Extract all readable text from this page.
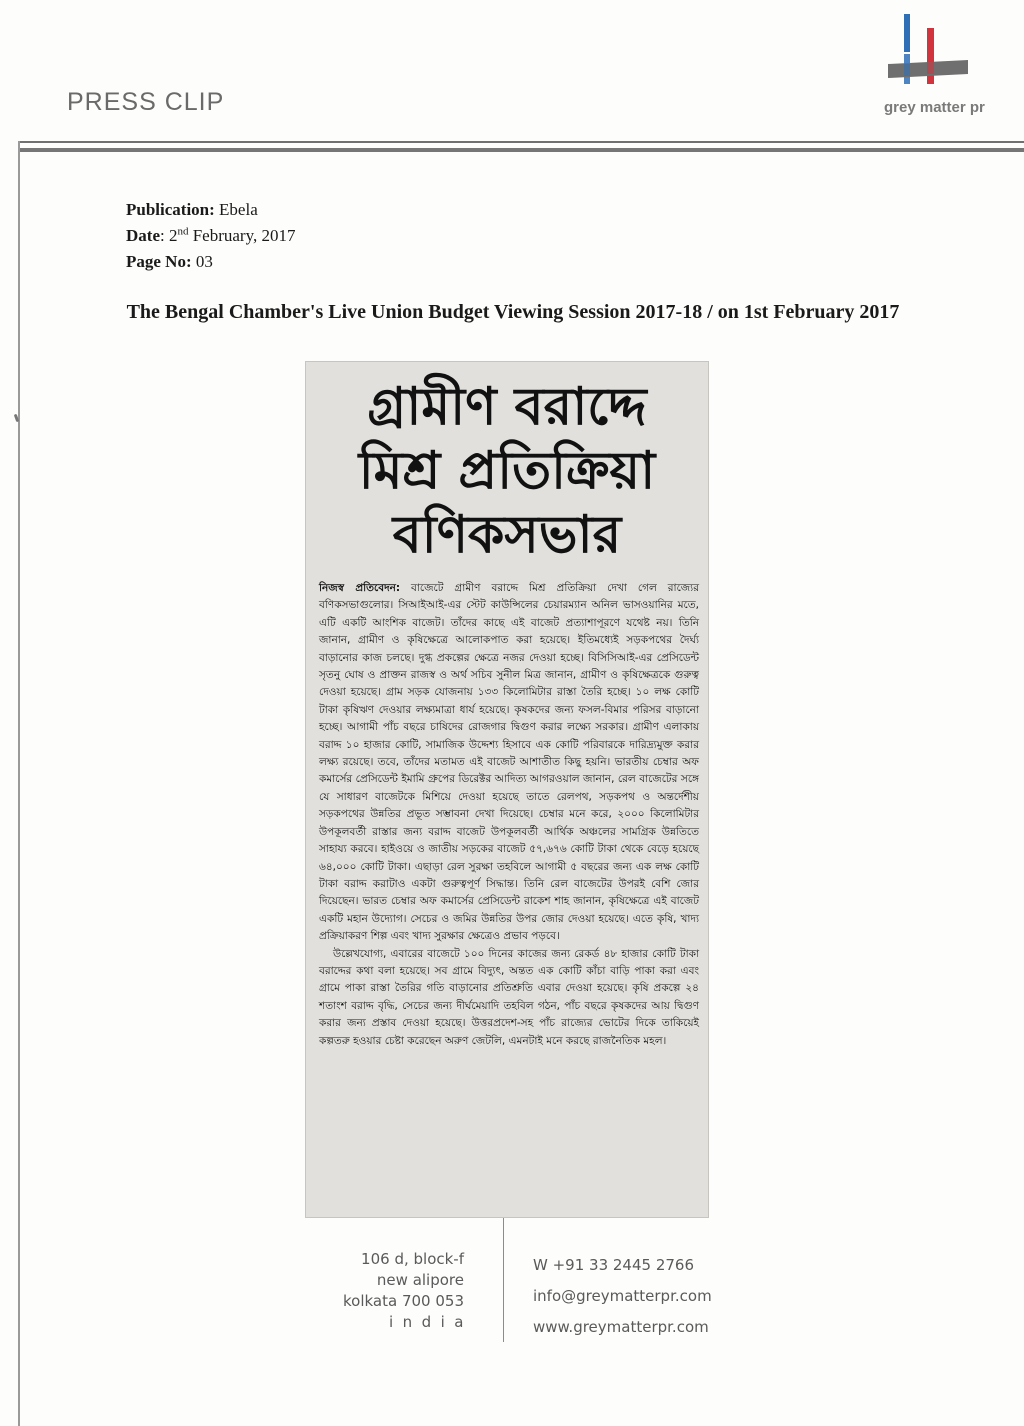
PRESS CLIP	grey matter pr
Publication: Ebela
Date: 2nd February, 2017
Page No: 03
The Bengal Chamber's Live Union Budget Viewing Session 2017-18 / on 1st February 2017
গ্রামীণ বরাদ্দে
মিশ্র প্রতিক্রিয়া
বণিকসভার

নিজস্ব প্রতিবেদন: বাজেটে গ্রামীণ বরাদ্দে মিশ্র প্রতিক্রিয়া দেখা গেল রাজ্যের বণিকসভাগুলোর। সিআইআই-এর স্টেট কাউন্সিলের চেয়ারম্যান অনিল ভাসওয়ানির মতে, এটি একটি আংশিক বাজেট। তাঁদের কাছে এই বাজেট প্রত্যাশাপূরণে যথেষ্ট নয়। তিনি জানান, গ্রামীণ ও কৃষিক্ষেত্রে আলোকপাত করা হয়েছে। ইতিমধ্যেই সড়কপথের দৈর্ঘ্য বাড়ানোর কাজ চলছে। দুগ্ধ প্রকল্পের ক্ষেত্রে নজর দেওয়া হচ্ছে। বিসিসিআই-এর প্রেসিডেন্ট সৃতনু ঘোষ ও প্রাক্তন রাজস্ব ও অর্থ সচিব সুনীল মিত্র জানান, গ্রামীণ ও কৃষিক্ষেত্রকে গুরুত্ব দেওয়া হয়েছে। গ্রাম সড়ক যোজনায় ১৩৩ কিলোমিটার রাস্তা তৈরি হচ্ছে। ১০ লক্ষ কোটি টাকা কৃষিঋণ দেওয়ার লক্ষ্যমাত্রা ধার্য হয়েছে। কৃষকদের জন্য ফসল-বিমার পরিসর বাড়ানো হচ্ছে। আগামী পাঁচ বছরে চাষিদের রোজগার দ্বিগুণ করার লক্ষ্যে সরকার। গ্রামীণ এলাকায় বরাদ্দ ১০ হাজার কোটি, সামাজিক উদ্দেশ্য হিসাবে এক কোটি পরিবারকে দারিদ্র্যমুক্ত করার লক্ষ্য রয়েছে। তবে, তাঁদের মতামত এই বাজেট আশাতীত কিছু হয়নি। ভারতীয় চেম্বার অফ কমার্সের প্রেসিডেন্ট ইমামি গ্রুপের ডিরেক্টর আদিত্য আগরওয়াল জানান, রেল বাজেটের সঙ্গে যে সাধারণ বাজেটকে মিশিয়ে দেওয়া হয়েছে তাতে রেলপথ, সড়কপথ ও অন্তর্দেশীয় সড়কপথের উন্নতির প্রভূত সম্ভাবনা দেখা দিয়েছে। চেম্বার মনে করে, ২০০০ কিলোমিটার উপকূলবর্তী রাস্তার জন্য বরাদ্দ বাজেট উপকূলবর্তী আর্থিক অঞ্চলের সামগ্রিক উন্নতিতে সাহায্য করবে। হাইওয়ে ও জাতীয় সড়কের বাজেট ৫৭,৬৭৬ কোটি টাকা থেকে বেড়ে হয়েছে ৬৪,০০০ কোটি টাকা। এছাড়া রেল সুরক্ষা তহবিলে আগামী ৫ বছরের জন্য এক লক্ষ কোটি টাকা বরাদ্দ করাটাও একটা গুরুত্বপূর্ণ সিদ্ধান্ত। তিনি রেল বাজেটের উপরই বেশি জোর দিয়েছেন। ভারত চেম্বার অফ কমার্সের প্রেসিডেন্ট রাকেশ শাহ জানান, কৃষিক্ষেত্রে এই বাজেট একটি মহান উদ্যোগ। সেচের ও জমির উন্নতির উপর জোর দেওয়া হয়েছে। এতে কৃষি, খাদ্য প্রক্রিয়াকরণ শিল্প এবং খাদ্য সুরক্ষার ক্ষেত্রেও প্রভাব পড়বে।

উল্লেখযোগ্য, এবারের বাজেটে ১০০ দিনের কাজের জন্য রেকর্ড ৪৮ হাজার কোটি টাকা বরাদ্দের কথা বলা হয়েছে। সব গ্রামে বিদ্যুৎ, অন্তত এক কোটি কাঁচা বাড়ি পাকা করা এবং গ্রামে পাকা রাস্তা তৈরির গতি বাড়ানোর প্রতিশ্রুতি এবার দেওয়া হয়েছে। কৃষি প্রকল্পে ২৪ শতাংশ বরাদ্দ বৃদ্ধি, সেচের জন্য দীর্ঘমেয়াদি তহবিল গঠন, পাঁচ বছরে কৃষকদের আয় দ্বিগুণ করার জন্য প্রস্তাব দেওয়া হয়েছে। উত্তরপ্রদেশ-সহ পাঁচ রাজ্যের ভোটের দিকে তাকিয়েই কল্পতরু হওয়ার চেষ্টা করেছেন অরুণ জেটলি, এমনটাই মনে করছে রাজনৈতিক মহল।

106 d, block-f
new alipore
kolkata 700 053
india
W +91 33 2445 2766
info@greymatterpr.com
www.greymatterpr.com
